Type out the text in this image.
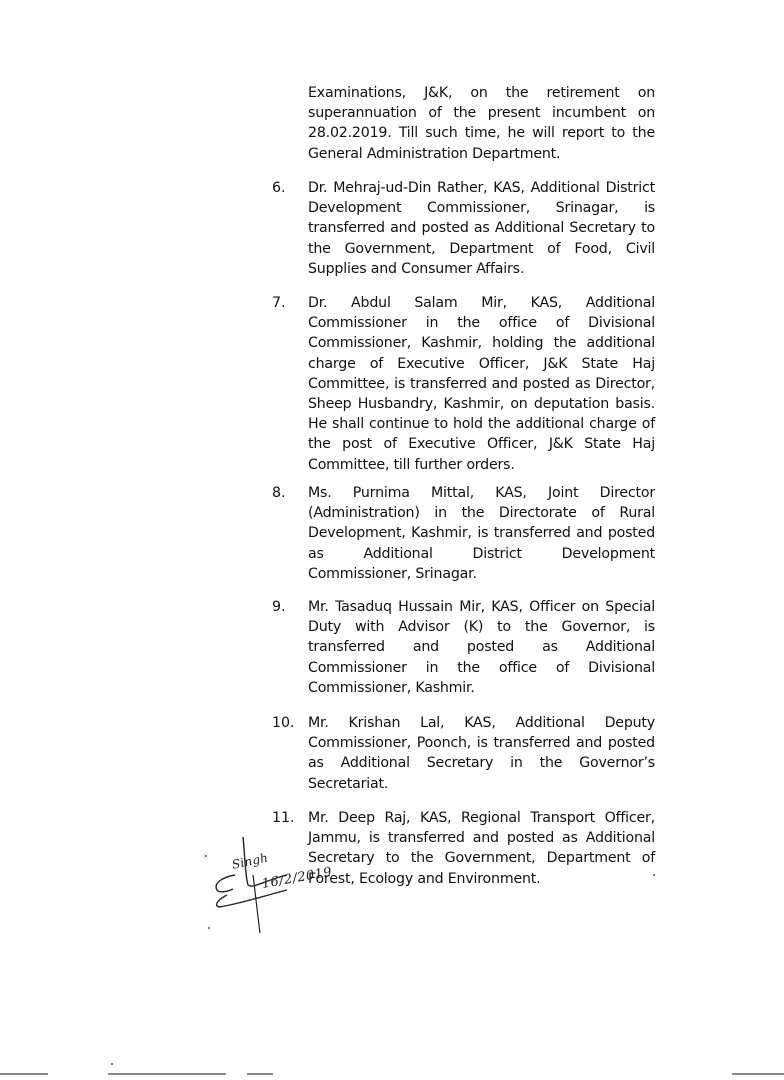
Examinations, J&K, on the retirement on superannuation of the present incumbent on 28.02.2019. Till such time, he will report to the General Administration Department.

6.	Dr. Mehraj-ud-Din Rather, KAS, Additional District Development Commissioner, Srinagar, is transferred and posted as Additional Secretary to the Government, Department of Food, Civil Supplies and Consumer Affairs.
7.	Dr. Abdul Salam Mir, KAS, Additional Commissioner in the office of Divisional Commissioner, Kashmir, holding the additional charge of Executive Officer, J&K State Haj Committee, is transferred and posted as Director, Sheep Husbandry, Kashmir, on deputation basis. He shall continue to hold the additional charge of the post of Executive Officer, J&K State Haj Committee, till further orders.
8.	Ms. Purnima Mittal, KAS, Joint Director (Administration) in the Directorate of Rural Development, Kashmir, is transferred and posted as Additional District Development Commissioner, Srinagar.
9.	Mr. Tasaduq Hussain Mir, KAS, Officer on Special Duty with Advisor (K) to the Governor, is transferred and posted as Additional Commissioner in the office of Divisional Commissioner, Kashmir.
10. Mr. Krishan Lal, KAS, Additional Deputy Commissioner, Poonch, is transferred and posted as Additional Secretary in the Governor’s Secretariat.
11. Mr. Deep Raj, KAS, Regional Transport Officer, Jammu, is transferred and posted as Additional Secretary to the Government, Department of Forest, Ecology and Environment.
Singh
16/2/2019
